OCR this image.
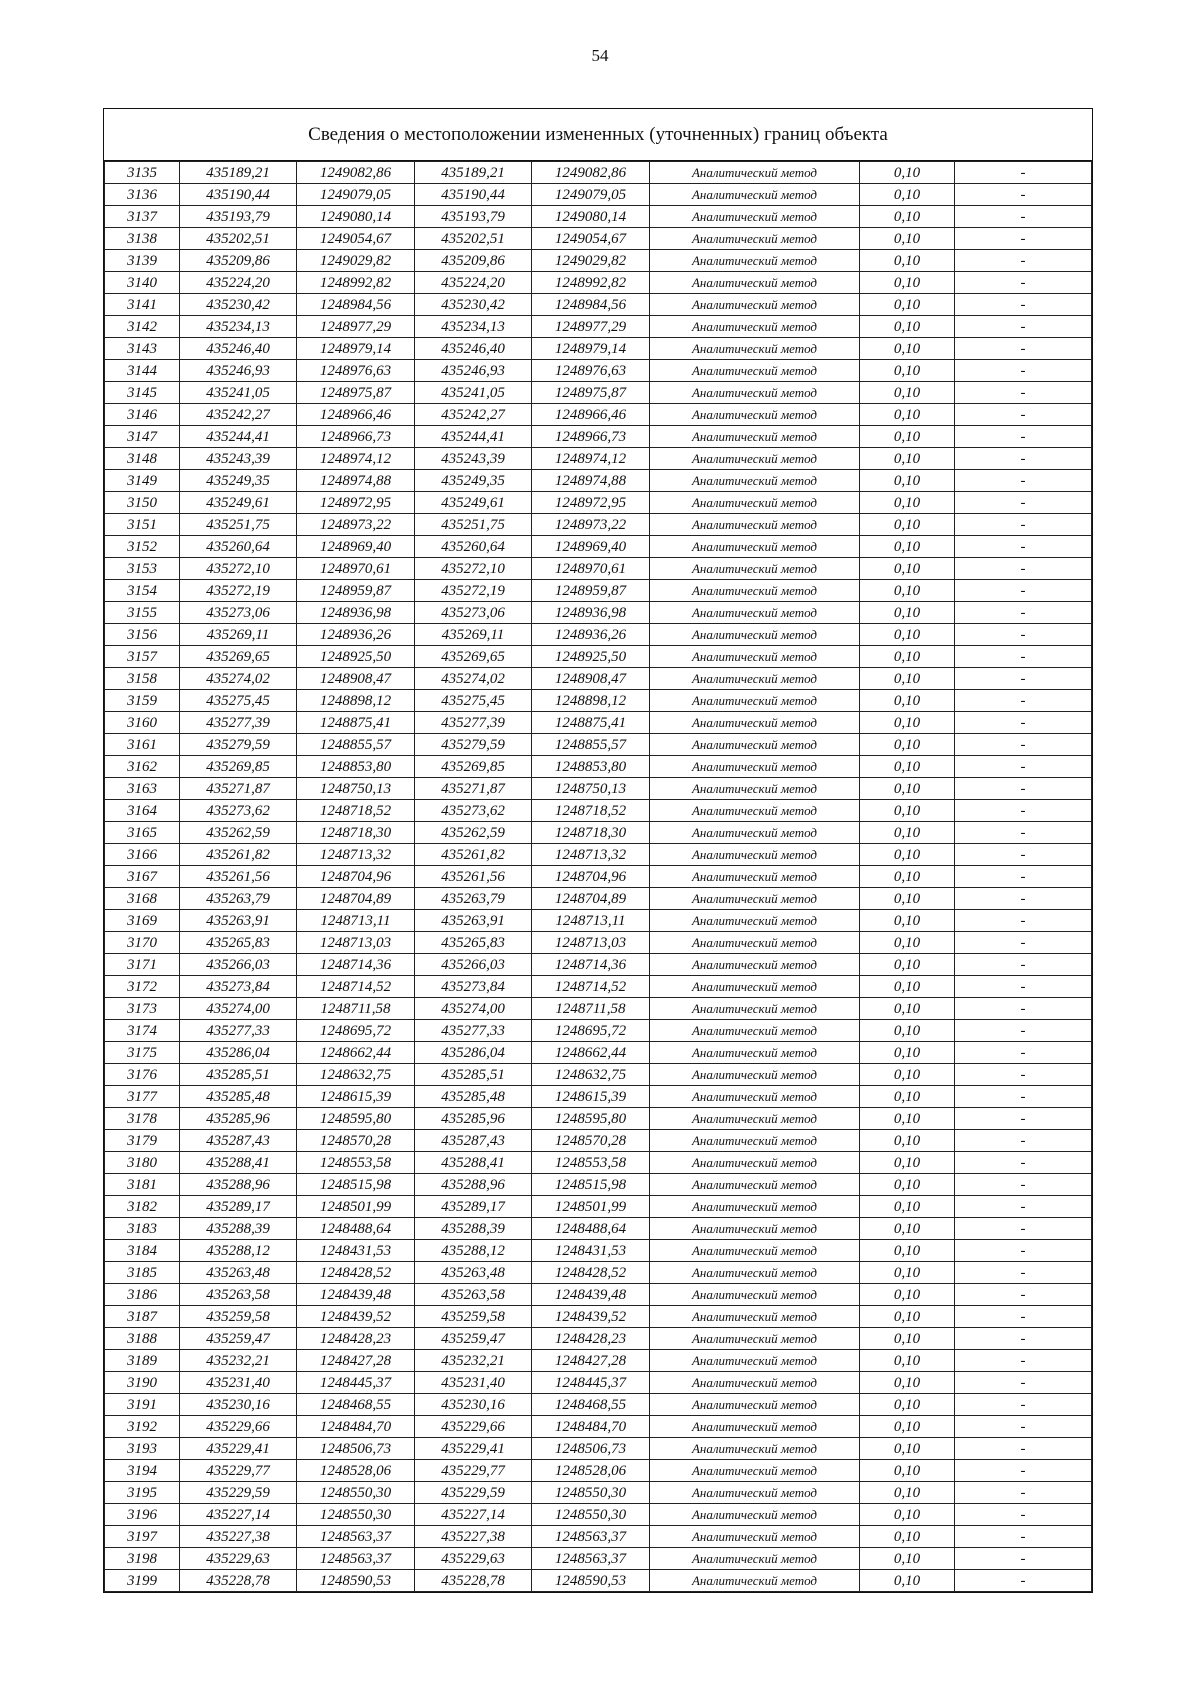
54
Сведения о местоположении измененных (уточненных) границ объекта
3135	435189,21	1249082,86	435189,21	1249082,86	Аналитический метод	0,10	-
3136	435190,44	1249079,05	435190,44	1249079,05	Аналитический метод	0,10	-
3137	435193,79	1249080,14	435193,79	1249080,14	Аналитический метод	0,10	-
3138	435202,51	1249054,67	435202,51	1249054,67	Аналитический метод	0,10	-
3139	435209,86	1249029,82	435209,86	1249029,82	Аналитический метод	0,10	-
3140	435224,20	1248992,82	435224,20	1248992,82	Аналитический метод	0,10	-
3141	435230,42	1248984,56	435230,42	1248984,56	Аналитический метод	0,10	-
3142	435234,13	1248977,29	435234,13	1248977,29	Аналитический метод	0,10	-
3143	435246,40	1248979,14	435246,40	1248979,14	Аналитический метод	0,10	-
3144	435246,93	1248976,63	435246,93	1248976,63	Аналитический метод	0,10	-
3145	435241,05	1248975,87	435241,05	1248975,87	Аналитический метод	0,10	-
3146	435242,27	1248966,46	435242,27	1248966,46	Аналитический метод	0,10	-
3147	435244,41	1248966,73	435244,41	1248966,73	Аналитический метод	0,10	-
3148	435243,39	1248974,12	435243,39	1248974,12	Аналитический метод	0,10	-
3149	435249,35	1248974,88	435249,35	1248974,88	Аналитический метод	0,10	-
3150	435249,61	1248972,95	435249,61	1248972,95	Аналитический метод	0,10	-
3151	435251,75	1248973,22	435251,75	1248973,22	Аналитический метод	0,10	-
3152	435260,64	1248969,40	435260,64	1248969,40	Аналитический метод	0,10	-
3153	435272,10	1248970,61	435272,10	1248970,61	Аналитический метод	0,10	-
3154	435272,19	1248959,87	435272,19	1248959,87	Аналитический метод	0,10	-
3155	435273,06	1248936,98	435273,06	1248936,98	Аналитический метод	0,10	-
3156	435269,11	1248936,26	435269,11	1248936,26	Аналитический метод	0,10	-
3157	435269,65	1248925,50	435269,65	1248925,50	Аналитический метод	0,10	-
3158	435274,02	1248908,47	435274,02	1248908,47	Аналитический метод	0,10	-
3159	435275,45	1248898,12	435275,45	1248898,12	Аналитический метод	0,10	-
3160	435277,39	1248875,41	435277,39	1248875,41	Аналитический метод	0,10	-
3161	435279,59	1248855,57	435279,59	1248855,57	Аналитический метод	0,10	-
3162	435269,85	1248853,80	435269,85	1248853,80	Аналитический метод	0,10	-
3163	435271,87	1248750,13	435271,87	1248750,13	Аналитический метод	0,10	-
3164	435273,62	1248718,52	435273,62	1248718,52	Аналитический метод	0,10	-
3165	435262,59	1248718,30	435262,59	1248718,30	Аналитический метод	0,10	-
3166	435261,82	1248713,32	435261,82	1248713,32	Аналитический метод	0,10	-
3167	435261,56	1248704,96	435261,56	1248704,96	Аналитический метод	0,10	-
3168	435263,79	1248704,89	435263,79	1248704,89	Аналитический метод	0,10	-
3169	435263,91	1248713,11	435263,91	1248713,11	Аналитический метод	0,10	-
3170	435265,83	1248713,03	435265,83	1248713,03	Аналитический метод	0,10	-
3171	435266,03	1248714,36	435266,03	1248714,36	Аналитический метод	0,10	-
3172	435273,84	1248714,52	435273,84	1248714,52	Аналитический метод	0,10	-
3173	435274,00	1248711,58	435274,00	1248711,58	Аналитический метод	0,10	-
3174	435277,33	1248695,72	435277,33	1248695,72	Аналитический метод	0,10	-
3175	435286,04	1248662,44	435286,04	1248662,44	Аналитический метод	0,10	-
3176	435285,51	1248632,75	435285,51	1248632,75	Аналитический метод	0,10	-
3177	435285,48	1248615,39	435285,48	1248615,39	Аналитический метод	0,10	-
3178	435285,96	1248595,80	435285,96	1248595,80	Аналитический метод	0,10	-
3179	435287,43	1248570,28	435287,43	1248570,28	Аналитический метод	0,10	-
3180	435288,41	1248553,58	435288,41	1248553,58	Аналитический метод	0,10	-
3181	435288,96	1248515,98	435288,96	1248515,98	Аналитический метод	0,10	-
3182	435289,17	1248501,99	435289,17	1248501,99	Аналитический метод	0,10	-
3183	435288,39	1248488,64	435288,39	1248488,64	Аналитический метод	0,10	-
3184	435288,12	1248431,53	435288,12	1248431,53	Аналитический метод	0,10	-
3185	435263,48	1248428,52	435263,48	1248428,52	Аналитический метод	0,10	-
3186	435263,58	1248439,48	435263,58	1248439,48	Аналитический метод	0,10	-
3187	435259,58	1248439,52	435259,58	1248439,52	Аналитический метод	0,10	-
3188	435259,47	1248428,23	435259,47	1248428,23	Аналитический метод	0,10	-
3189	435232,21	1248427,28	435232,21	1248427,28	Аналитический метод	0,10	-
3190	435231,40	1248445,37	435231,40	1248445,37	Аналитический метод	0,10	-
3191	435230,16	1248468,55	435230,16	1248468,55	Аналитический метод	0,10	-
3192	435229,66	1248484,70	435229,66	1248484,70	Аналитический метод	0,10	-
3193	435229,41	1248506,73	435229,41	1248506,73	Аналитический метод	0,10	-
3194	435229,77	1248528,06	435229,77	1248528,06	Аналитический метод	0,10	-
3195	435229,59	1248550,30	435229,59	1248550,30	Аналитический метод	0,10	-
3196	435227,14	1248550,30	435227,14	1248550,30	Аналитический метод	0,10	-
3197	435227,38	1248563,37	435227,38	1248563,37	Аналитический метод	0,10	-
3198	435229,63	1248563,37	435229,63	1248563,37	Аналитический метод	0,10	-
3199	435228,78	1248590,53	435228,78	1248590,53	Аналитический метод	0,10	-
